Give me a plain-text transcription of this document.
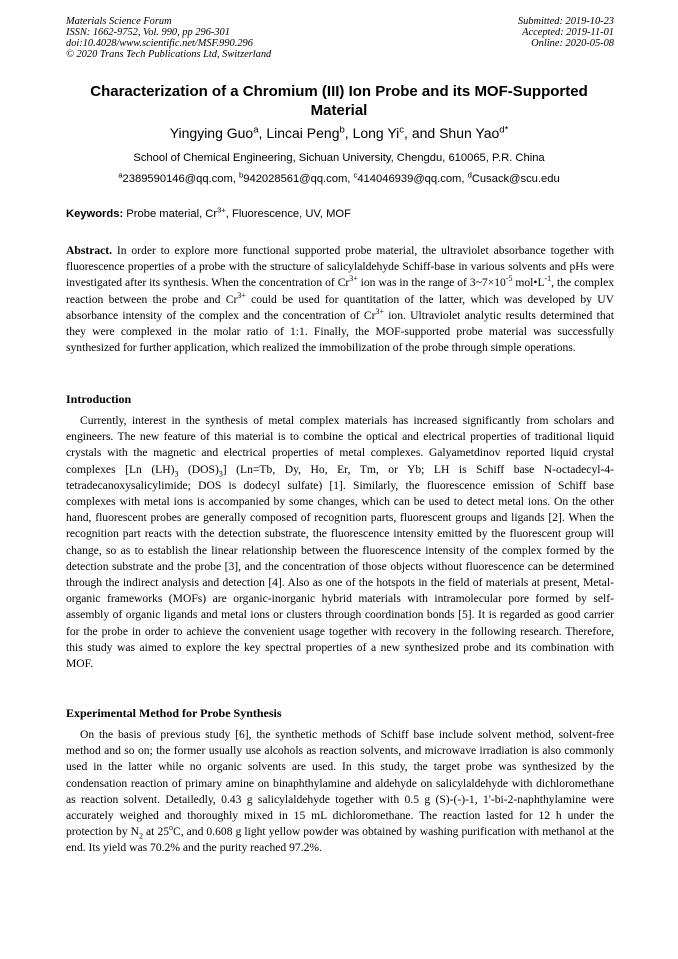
Materials Science Forum
ISSN: 1662-9752, Vol. 990, pp 296-301
doi:10.4028/www.scientific.net/MSF.990.296
© 2020 Trans Tech Publications Ltd, Switzerland
Submitted: 2019-10-23
Accepted: 2019-11-01
Online: 2020-05-08
Characterization of a Chromium (III) Ion Probe and its MOF-Supported Material
Yingying Guo$^a$, Lincai Peng$^b$, Long Yi$^c$, and Shun Yao$^{d*}$
School of Chemical Engineering, Sichuan University, Chengdu, 610065, P.R. China
$^a$2389590146@qq.com, $^b$942028561@qq.com, $^c$414046939@qq.com, $^d$Cusack@scu.edu
Keywords: Probe material, $Cr^{3+}$, Fluorescence, UV, MOF
Abstract. In order to explore more functional supported probe material, the ultraviolet absorbance together with fluorescence properties of a probe with the structure of salicylaldehyde Schiff-base in various solvents and pHs were investigated after its synthesis. When the concentration of $Cr^{3+}$ ion was in the range of $3\sim 7\times 10^{-5}$ $mol•L^{-1}$, the complex reaction between the probe and $Cr^{3+}$ could be used for quantitation of the latter, which was developed by UV absorbance intensity of the complex and the concentration of $Cr^{3+}$ ion. Ultraviolet analytic results determined that they were complexed in the molar ratio of 1:1. Finally, the MOF-supported probe material was successfully synthesized for further application, which realized the immobilization of the probe through simple operations.
Introduction
Currently, interest in the synthesis of metal complex materials has increased significantly from scholars and engineers. The new feature of this material is to combine the optical and electrical properties of traditional liquid crystals with the magnetic and electrical properties of metal complexes. Galyametdinov reported liquid crystal complexes [Ln $(LH)_3$ $(DOS)_3$] (Ln=Tb, Dy, Ho, Er, Tm, or Yb; LH is Schiff base N-octadecyl-4-tetradecanoxysalicylimide; DOS is dodecyl sulfate) [1]. Similarly, the fluorescence emission of Schiff base complexes with metal ions is accompanied by some changes, which can be used to detect metal ions. On the other hand, fluorescent probes are generally composed of recognition parts, fluorescent groups and ligands [2]. When the recognition part reacts with the detection substrate, the fluorescence intensity emitted by the fluorescent group will change, so as to establish the linear relationship between the fluorescence intensity of the complex formed by the detection substrate and the probe [3], and the concentration of those objects without fluorescence can be determined through the indirect analysis and detection [4]. Also as one of the hotspots in the field of materials at present, Metal-organic frameworks (MOFs) are organic-inorganic hybrid materials with intramolecular pore formed by self-assembly of organic ligands and metal ions or clusters through coordination bonds [5]. It is regarded as good carrier for the probe in order to achieve the convenient usage together with recovery in the following research. Therefore, this study was aimed to explore the key spectral properties of a new synthesized probe and its combination with MOF.
Experimental Method for Probe Synthesis
On the basis of previous study [6], the synthetic methods of Schiff base include solvent method, solvent-free method and so on; the former usually use alcohols as reaction solvents, and microwave irradiation is also commonly used in the latter while no organic solvents are used. In this study, the target probe was synthesized by the condensation reaction of primary amine on binaphthylamine and aldehyde on salicylaldehyde with dichloromethane as reaction solvent. Detailedly, 0.43 g salicylaldehyde together with 0.5 g (S)-(-)-1, 1'-bi-2-naphthylamine were accurately weighed and thoroughly mixed in 15 mL dichloromethane. The reaction lasted for 12 h under the protection by $N_2$ at 25$^o$C, and 0.608 g light yellow powder was obtained by washing purification with methanol at the end. Its yield was 70.2% and the purity reached 97.2%.
